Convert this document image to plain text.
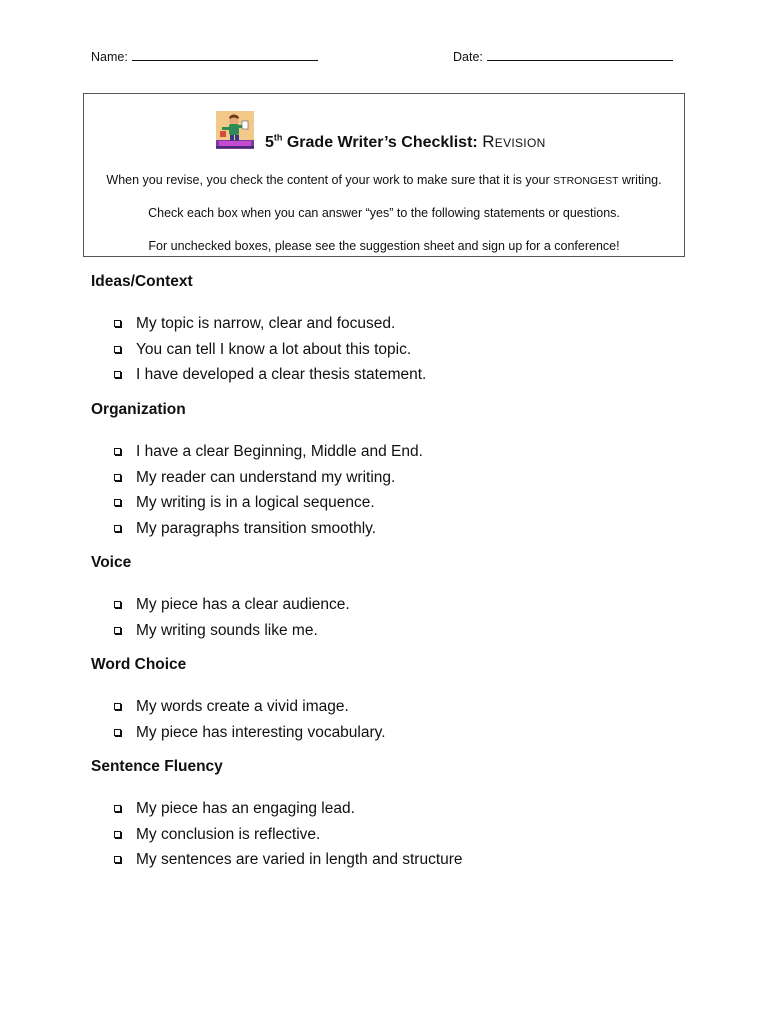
Name:	Date:
5th Grade Writer’s Checklist: Revision
When you revise, you check the content of your work to make sure that it is your STRONGEST writing.
Check each box when you can answer “yes” to the following statements or questions.
For unchecked boxes, please see the suggestion sheet and sign up for a conference!
Ideas/Context
My topic is narrow, clear and focused.
You can tell I know a lot about this topic.
I have developed a clear thesis statement.
Organization
I have a clear Beginning, Middle and End.
My reader can understand my writing.
My writing is in a logical sequence.
My paragraphs transition smoothly.
Voice
My piece has a clear audience.
My writing sounds like me.
Word Choice
My words create a vivid image.
My piece has interesting vocabulary.
Sentence Fluency
My piece has an engaging lead.
My conclusion is reflective.
My sentences are varied in length and structure
